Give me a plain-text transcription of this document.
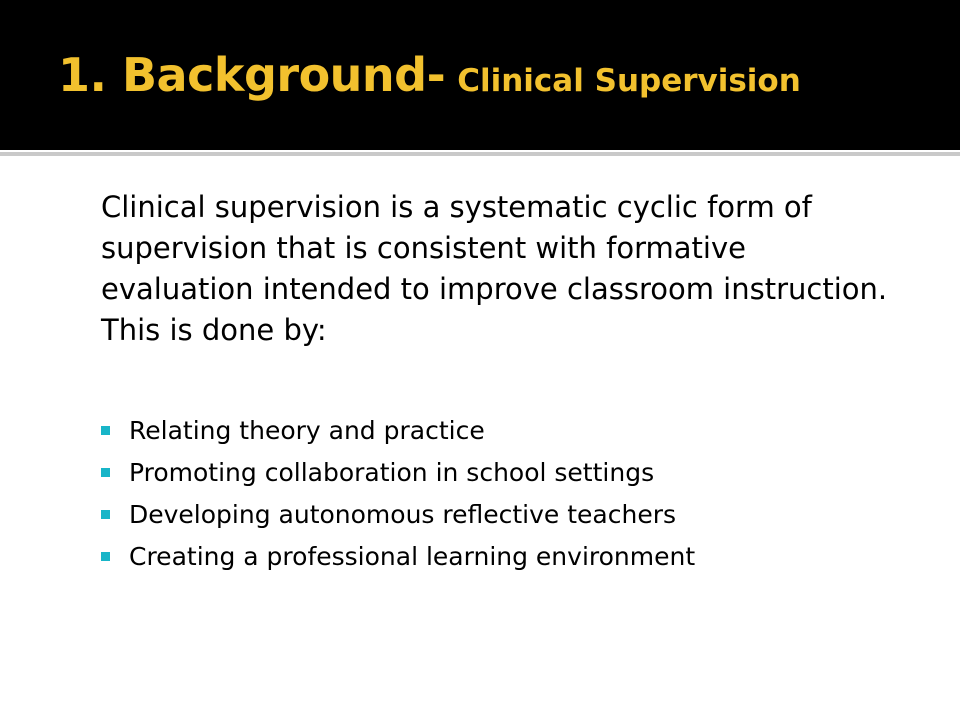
1. Background- Clinical Supervision

Clinical supervision is a systematic cyclic form of supervision that is consistent with formative evaluation intended to improve classroom instruction. This is done by:

Relating theory and practice
Promoting collaboration in school settings
Developing autonomous reflective teachers
Creating a professional learning environment
